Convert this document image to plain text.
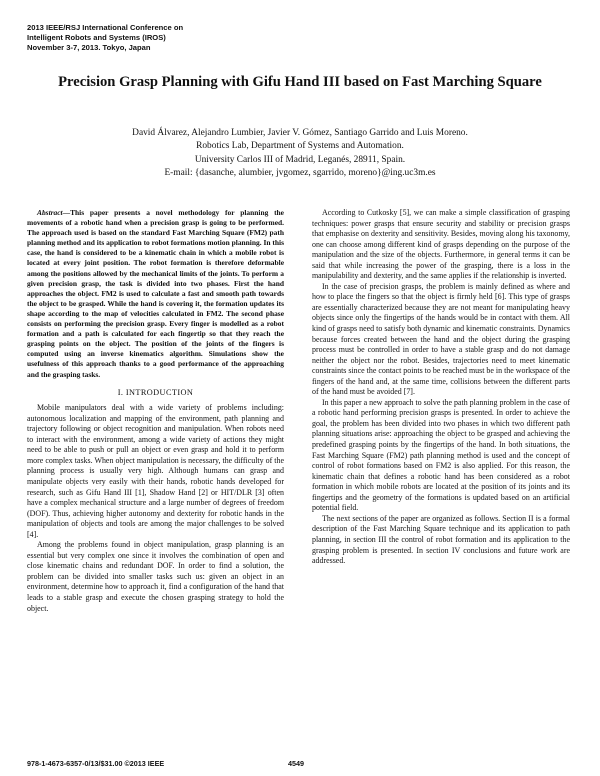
2013 IEEE/RSJ International Conference on
Intelligent Robots and Systems (IROS)
November 3-7, 2013. Tokyo, Japan
Precision Grasp Planning with Gifu Hand III based on Fast Marching Square
David Álvarez, Alejandro Lumbier, Javier V. Gómez, Santiago Garrido and Luis Moreno.
Robotics Lab, Department of Systems and Automation.
University Carlos III of Madrid, Leganés, 28911, Spain.
E-mail: {dasanche, alumbier, jvgomez, sgarrido, moreno}@ing.uc3m.es

Abstract—This paper presents a novel methodology for planning the movements of a robotic hand when a precision grasp is going to be performed. The approach used is based on the standard Fast Marching Square (FM2) path planning method and its application to robot formations motion planning. In this case, the hand is considered to be a kinematic chain in which a mobile robot is located at every joint position. The robot formation is therefore deformable among the positions allowed by the mechanical limits of the joints. To perform a given precision grasp, the task is divided into two phases. First the hand approaches the object. FM2 is used to calculate a fast and smooth path towards the object to be grasped. While the hand is covering it, the formation updates its shape according to the map of velocities calculated in FM2. The second phase consists on performing the precision grasp. Every finger is modelled as a robot formation and a path is calculated for each fingertip so that they reach the grasping points on the object. The position of the joints of the fingers is computed using an inverse kinematics algorithm. Simulations show the usefulness of this approach thanks to a good performance of the approaching and the grasping tasks.

I. INTRODUCTION

Mobile manipulators deal with a wide variety of problems including: autonomous localization and mapping of the environment, path planning and trajectory following or object recognition and manipulation. When robots need to interact with the environment, among a wide variety of actions they might need to be able to push or pull an object or even grasp and hold it to perform more complex tasks. When object manipulation is necessary, the difficulty of the planning process is usually very high. Although humans can grasp and manipulate objects very easily with their hands, robotic hands developed for research, such as Gifu Hand III [1], Shadow Hand [2] or HIT/DLR [3] often have a complex mechanical structure and a large number of degrees of freedom (DOF). Thus, achieving higher autonomy and dexterity for robotic hands in the manipulation of objects and tools are among the major challenges to be solved [4].

Among the problems found in object manipulation, grasp planning is an essential but very complex one since it involves the combination of open and close kinematic chains and redundant DOF. In order to find a solution, the problem can be divided into smaller tasks such us: given an object in an environment, determine how to approach it, find a configuration of the hand that leads to a stable grasp and execute the chosen grasping strategy to hold the object.

According to Cutkosky [5], we can make a simple classification of grasping techniques: power grasps that ensure security and stability or precision grasps that emphasise on dexterity and sensitivity. Besides, moving along his taxonomy, one can choose among different kind of grasps depending on the purpose of the manipulation and the size of the objects. Furthermore, in general terms it can be said that while increasing the power of the grasping, there is a loss in the manipulability and dexterity, and the same applies if the relationship is inverted.

In the case of precision grasps, the problem is mainly defined as where and how to place the fingers so that the object is firmly held [6]. This type of grasps are essentially characterized because they are not meant for manipulating heavy objects since only the fingertips of the hands would be in contact with them. All kind of grasps need to satisfy both dynamic and kinematic constraints. Dynamics because forces created between the hand and the object during the grasping process must be controlled in order to have a stable grasp and do not damage neither the object nor the robot. Besides, trajectories need to meet kinematic constraints since the contact points to be reached must be in the workspace of the fingers of the hand and, at the same time, collisions between the different parts of the hand must be avoided [7].

In this paper a new approach to solve the path planning problem in the case of a robotic hand performing precision grasps is presented. In order to achieve the goal, the problem has been divided into two phases in which two different path planning situations arise: approaching the object to be grasped and achieving the predefined grasping points by the fingertips of the hand. In both situations, the Fast Marching Square (FM2) path planning method is used and the concept of control of robot formations based on FM2 is also applied. For this reason, the kinematic chain that defines a robotic hand has been considered as a robot formation in which mobile robots are located at the position of its joints and its fingertips and the geometry of the formations is updated based on an artificial potential field.

The next sections of the paper are organized as follows. Section II is a formal description of the Fast Marching Square technique and its application to path planning, in section III the control of robot formation and its application to the grasping problem is presented. In section IV conclusions and future work are addressed.

978-1-4673-6357-0/13/$31.00 ©2013 IEEE	4549
